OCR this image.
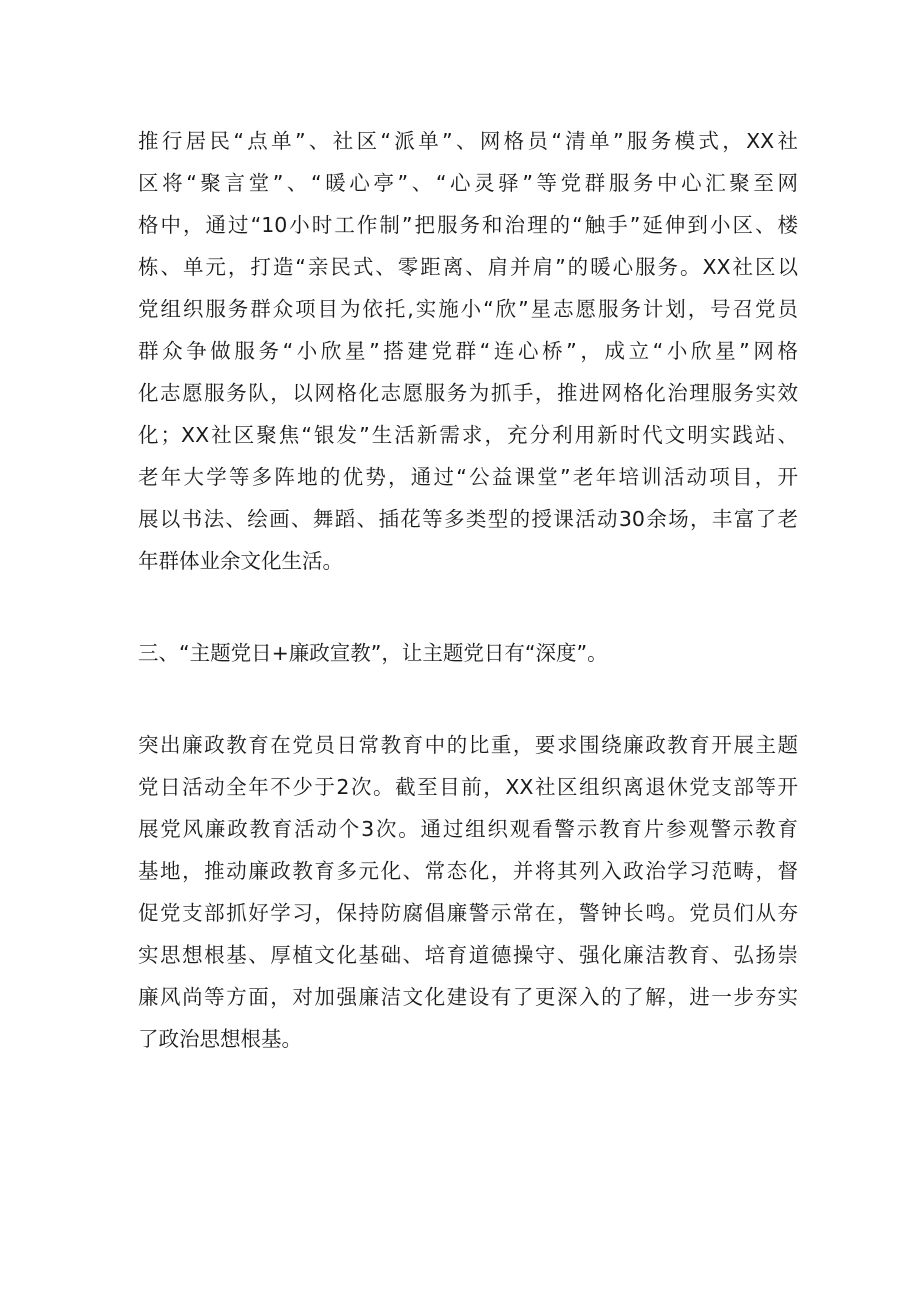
推行居民“点单”、社区“派单”、网格员“清单”服务模式，XX社
区将“聚言堂”、“暖心亭”、“心灵驿”等党群服务中心汇聚至网
格中，通过“10小时工作制”把服务和治理的“触手”延伸到小区、楼
栋、单元，打造“亲民式、零距离、肩并肩”的暖心服务。XX社区以
党组织服务群众项目为依托,实施小“欣”星志愿服务计划，号召党员
群众争做服务“小欣星”搭建党群“连心桥”，成立“小欣星”网格
化志愿服务队，以网格化志愿服务为抓手，推进网格化治理服务实效
化；XX社区聚焦“银发”生活新需求，充分利用新时代文明实践站、
老年大学等多阵地的优势，通过“公益课堂”老年培训活动项目，开
展以书法、绘画、舞蹈、插花等多类型的授课活动30余场，丰富了老
年群体业余文化生活。
三、“主题党日+廉政宣教”，让主题党日有“深度”。
突出廉政教育在党员日常教育中的比重，要求围绕廉政教育开展主题
党日活动全年不少于2次。截至目前，XX社区组织离退休党支部等开
展党风廉政教育活动个3次。通过组织观看警示教育片参观警示教育
基地，推动廉政教育多元化、常态化，并将其列入政治学习范畴，督
促党支部抓好学习，保持防腐倡廉警示常在，警钟长鸣。党员们从夯
实思想根基、厚植文化基础、培育道德操守、强化廉洁教育、弘扬崇
廉风尚等方面，对加强廉洁文化建设有了更深入的了解，进一步夯实
了政治思想根基。
